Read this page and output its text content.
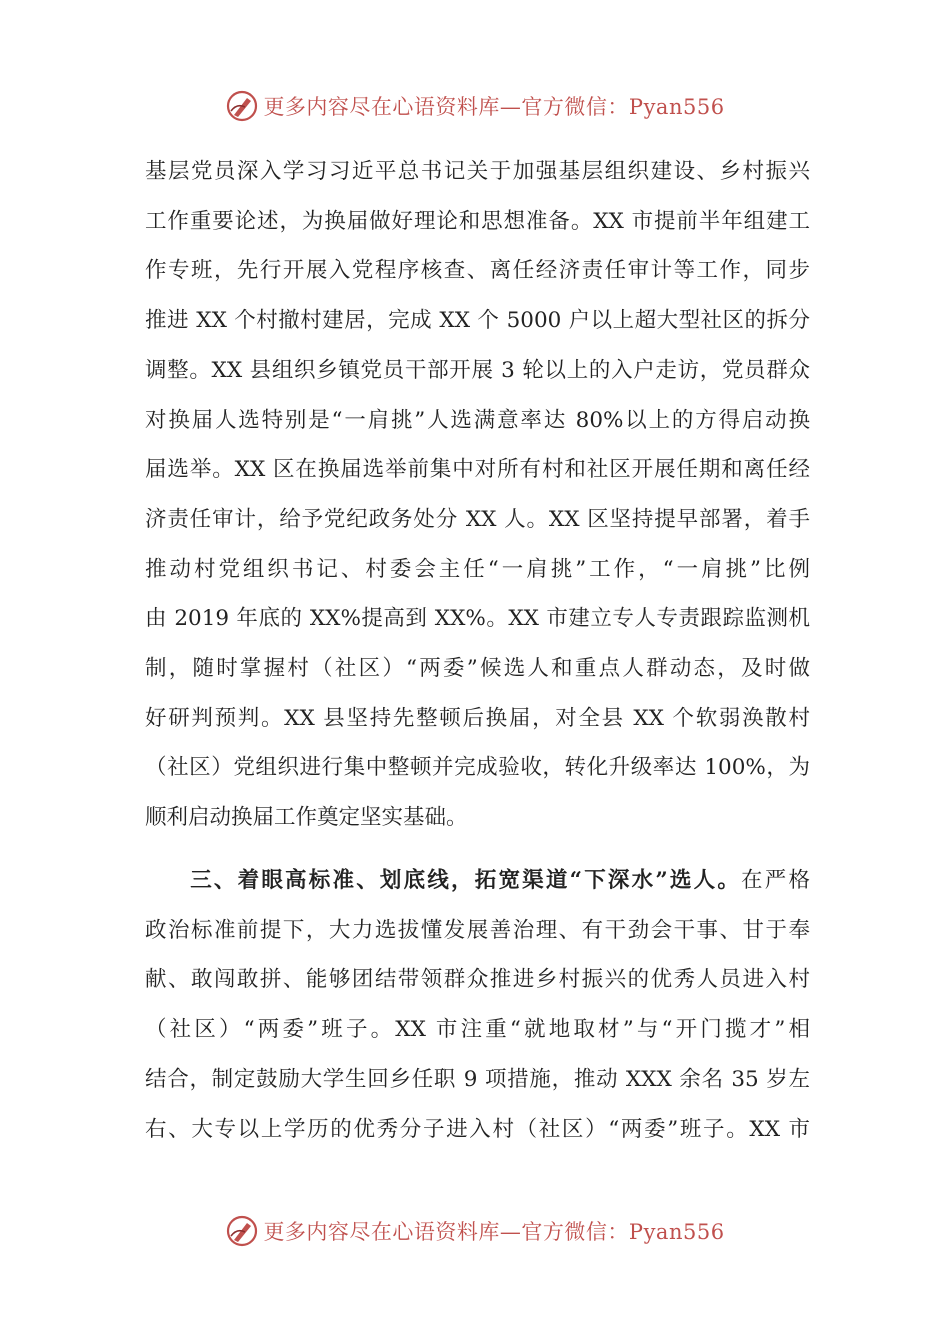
更多内容尽在心语资料库—官方微信：Pyan556
基层党员深入学习习近平总书记关于加强基层组织建设、乡村振兴
工作重要论述，为换届做好理论和思想准备。XX 市提前半年组建工
作专班，先行开展入党程序核查、离任经济责任审计等工作，同步
推进 XX 个村撤村建居，完成 XX 个 5000 户以上超大型社区的拆分
调整。XX 县组织乡镇党员干部开展 3 轮以上的入户走访，党员群众
对换届人选特别是“一肩挑”人选满意率达 80%以上的方得启动换
届选举。XX 区在换届选举前集中对所有村和社区开展任期和离任经
济责任审计，给予党纪政务处分 XX 人。XX 区坚持提早部署，着手
推动村党组织书记、村委会主任“一肩挑”工作，“一肩挑”比例
由 2019 年底的 XX%提高到 XX%。XX 市建立专人专责跟踪监测机
制，随时掌握村（社区）“两委”候选人和重点人群动态，及时做
好研判预判。XX 县坚持先整顿后换届，对全县 XX 个软弱涣散村
（社区）党组织进行集中整顿并完成验收，转化升级率达 100%，为
顺利启动换届工作奠定坚实基础。
三、着眼高标准、划底线，拓宽渠道“下深水”选人。在严格
政治标准前提下，大力选拔懂发展善治理、有干劲会干事、甘于奉
献、敢闯敢拼、能够团结带领群众推进乡村振兴的优秀人员进入村
（社区）“两委”班子。XX 市注重“就地取材”与“开门揽才”相
结合，制定鼓励大学生回乡任职 9 项措施，推动 XXX 余名 35 岁左
右、大专以上学历的优秀分子进入村（社区）“两委”班子。XX 市
更多内容尽在心语资料库—官方微信：Pyan556
